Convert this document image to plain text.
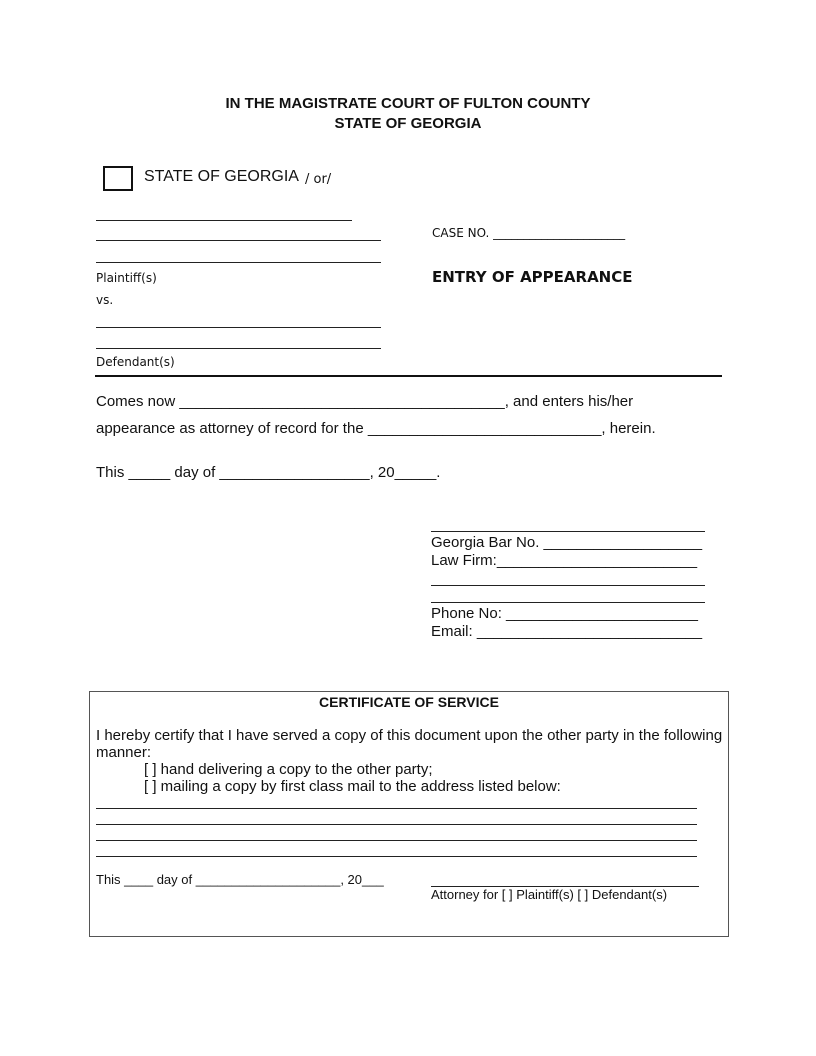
IN THE MAGISTRATE COURT OF FULTON COUNTY
STATE OF GEORGIA
STATE OF GEORGIA / or/
Plaintiff(s)
vs.
CASE NO. ______________________
ENTRY OF APPEARANCE
Defendant(s)
Comes now _______________________________________, and enters his/her
appearance as attorney of record for the ____________________________, herein.
This _____ day of __________________, 20_____.
Georgia Bar No. ___________________
Law Firm:________________________
Phone No: _______________________
Email: ___________________________
CERTIFICATE OF SERVICE
I hereby certify that I have served a copy of this document upon the other party in the following
manner:
[ ] hand delivering a copy to the other party;
[ ] mailing a copy by first class mail to the address listed below:
This ____ day of ____________________, 20___
Attorney for [ ] Plaintiff(s) [ ] Defendant(s)
